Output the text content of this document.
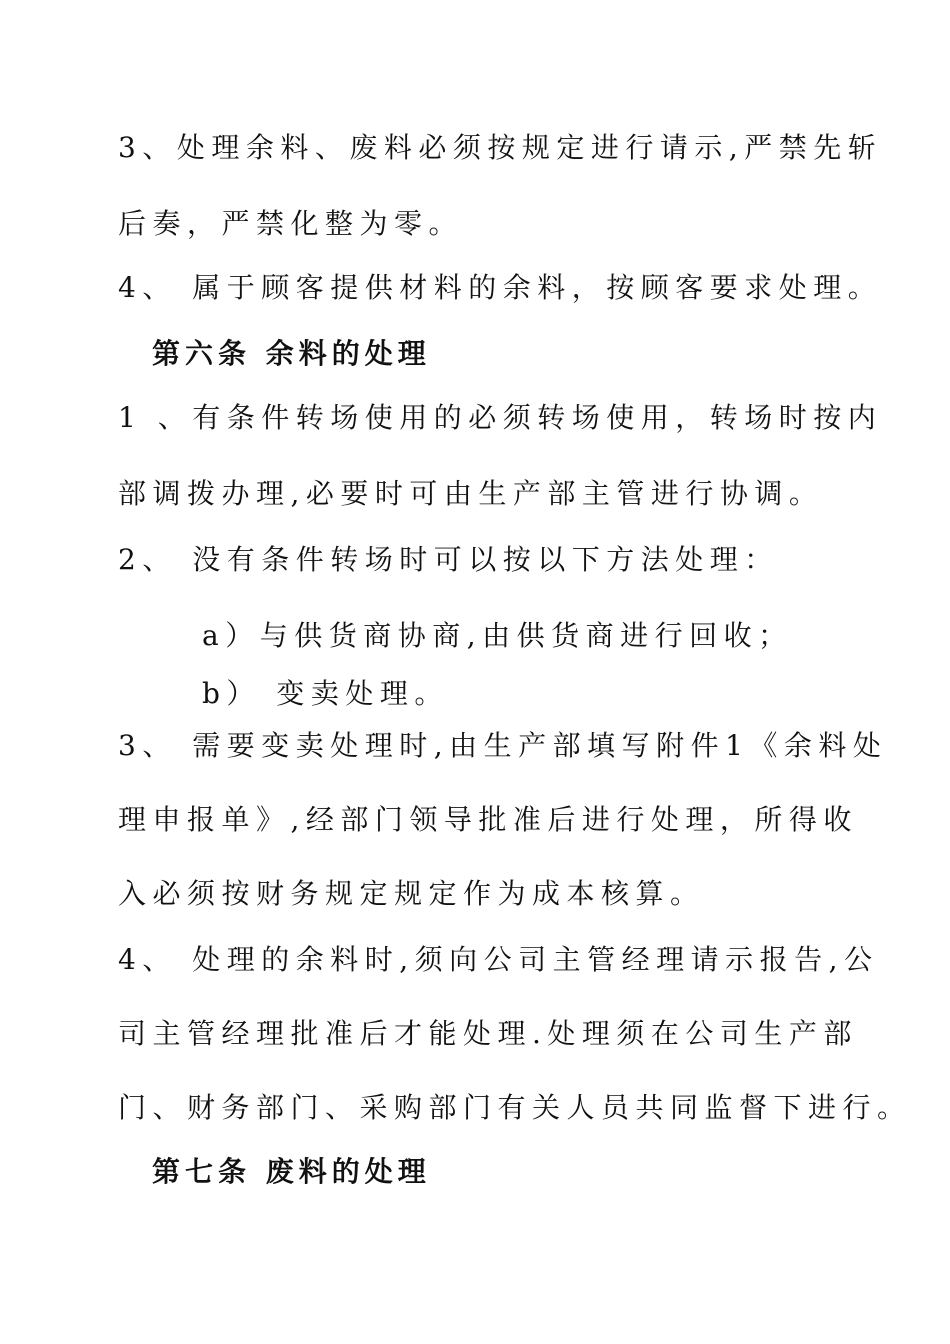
3、处理余料、废料必须按规定进行请示,严禁先斩
后奏，严禁化整为零。
4、 属于顾客提供材料的余料，按顾客要求处理。
第六条 余料的处理
1 、有条件转场使用的必须转场使用，转场时按内
部调拨办理,必要时可由生产部主管进行协调。
2、 没有条件转场时可以按以下方法处理：
a）与供货商协商,由供货商进行回收；
b） 变卖处理。
3、 需要变卖处理时,由生产部填写附件1《余料处
理申报单》,经部门领导批准后进行处理，所得收
入必须按财务规定规定作为成本核算。
4、 处理的余料时,须向公司主管经理请示报告,公
司主管经理批准后才能处理.处理须在公司生产部
门、财务部门、采购部门有关人员共同监督下进行。
第七条 废料的处理
